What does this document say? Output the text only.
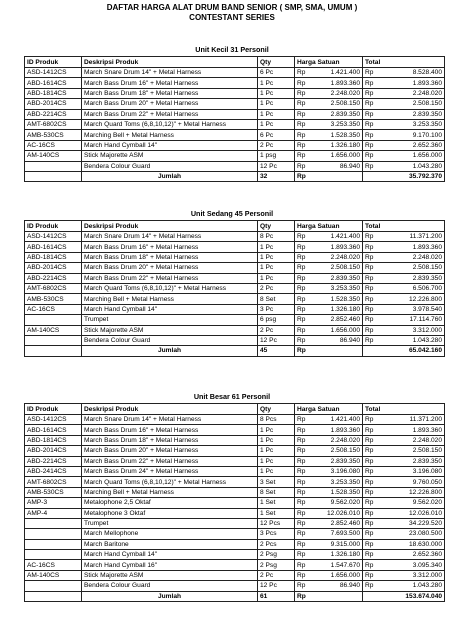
DAFTAR HARGA ALAT DRUM BAND SENIOR ( SMP, SMA, UMUM )
CONTESTANT SERIES
Unit Kecil 31 Personil
ID Produk	Deskripsi Produk	Qty	Harga Satuan		Total	
ASD-1412CS	March Snare Drum 14" + Metal Harness	6 Pc	Rp	1.421.400	Rp	8.528.400
ABD-1614CS	March Bass Drum 16" + Metal Harness	1 Pc	Rp	1.893.360	Rp	1.893.360
ABD-1814CS	March Bass Drum 18" + Metal Harness	1 Pc	Rp	2.248.020	Rp	2.248.020
ABD-2014CS	March Bass Drum 20" + Metal Harness	1 Pc	Rp	2.508.150	Rp	2.508.150
ABD-2214CS	March Bass Drum 22" + Metal Harness	1 Pc	Rp	2.839.350	Rp	2.839.350
AMT-6802CS	March Quard Toms (6,8,10,12)" + Metal Harness	1 Pc	Rp	3.253.350	Rp	3.253.350
AMB-530CS	Marching Bell + Metal Harness	6 Pc	Rp	1.528.350	Rp	9.170.100
AC-16CS	March Hand Cymball 14"	2 Pc	Rp	1.326.180	Rp	2.652.360
AM-140CS	Stick Majorette ASM	1 psg	Rp	1.656.000	Rp	1.656.000
	Bendera Colour Guard	12 Pc	Rp	86.940	Rp	1.043.280
	Jumlah	32	Rp			35.792.370
Unit Sedang 45 Personil
ID Produk	Deskripsi Produk	Qty	Harga Satuan		Total	
ASD-1412CS	March Snare Drum 14" + Metal Harness	8 Pc	Rp	1.421.400	Rp	11.371.200
ABD-1614CS	March Bass Drum 16" + Metal Harness	1 Pc	Rp	1.893.360	Rp	1.893.360
ABD-1814CS	March Bass Drum 18" + Metal Harness	1 Pc	Rp	2.248.020	Rp	2.248.020
ABD-2014CS	March Bass Drum 20" + Metal Harness	1 Pc	Rp	2.508.150	Rp	2.508.150
ABD-2214CS	March Bass Drum 22" + Metal Harness	1 Pc	Rp	2.839.350	Rp	2.839.350
AMT-6802CS	March Quard Toms (6,8,10,12)" + Metal Harness	2 Pc	Rp	3.253.350	Rp	6.506.700
AMB-530CS	Marching Bell + Metal Harness	8 Set	Rp	1.528.350	Rp	12.226.800
AC-16CS	March Hand Cymball 14"	3 Pc	Rp	1.326.180	Rp	3.978.540
	Trumpet	6 psg	Rp	2.852.460	Rp	17.114.760
AM-140CS	Stick Majorette ASM	2 Pc	Rp	1.656.000	Rp	3.312.000
	Bendera Colour Guard	12 Pc	Rp	86.940	Rp	1.043.280
	Jumlah	45	Rp			65.042.160
Unit Besar 61 Personil
ID Produk	Deskripsi Produk	Qty	Harga Satuan		Total	
ASD-1412CS	March Snare Drum 14" + Metal Harness	8 Pcs	Rp	1.421.400	Rp	11.371.200
ABD-1614CS	March Bass Drum 16" + Metal Harness	1 Pc	Rp	1.893.360	Rp	1.893.360
ABD-1814CS	March Bass Drum 18" + Metal Harness	1 Pc	Rp	2.248.020	Rp	2.248.020
ABD-2014CS	March Bass Drum 20" + Metal Harness	1 Pc	Rp	2.508.150	Rp	2.508.150
ABD-2214CS	March Bass Drum 22" + Metal Harness	1 Pc	Rp	2.839.350	Rp	2.839.350
ABD-2414CS	March Bass Drum 24" + Metal Harness	1 Pc	Rp	3.196.080	Rp	3.196.080
AMT-6802CS	March Quard Toms (6,8,10,12)" + Metal Harness	3 Set	Rp	3.253.350	Rp	9.760.050
AMB-530CS	Marching Bell + Metal Harness	8 Set	Rp	1.528.350	Rp	12.226.800
AMP-3	Metalophone 2,5 Oktaf	1 Set	Rp	9.562.020	Rp	9.562.020
AMP-4	Metalophone 3 Oktaf	1 Set	Rp	12.026.010	Rp	12.026.010
	Trumpet	12 Pcs	Rp	2.852.460	Rp	34.229.520
	March Mellophone	3 Pcs	Rp	7.693.500	Rp	23.080.500
	March Baritone	2 Pcs	Rp	9.315.000	Rp	18.630.000
	March Hand Cymball 14"	2 Psg	Rp	1.326.180	Rp	2.652.360
AC-16CS	March Hand Cymball 16"	2 Psg	Rp	1.547.670	Rp	3.095.340
AM-140CS	Stick Majorette ASM	2 Pc	Rp	1.656.000	Rp	3.312.000
	Bendera Colour Guard	12 Pc	Rp	86.940	Rp	1.043.280
	Jumlah	61	Rp			153.674.040
